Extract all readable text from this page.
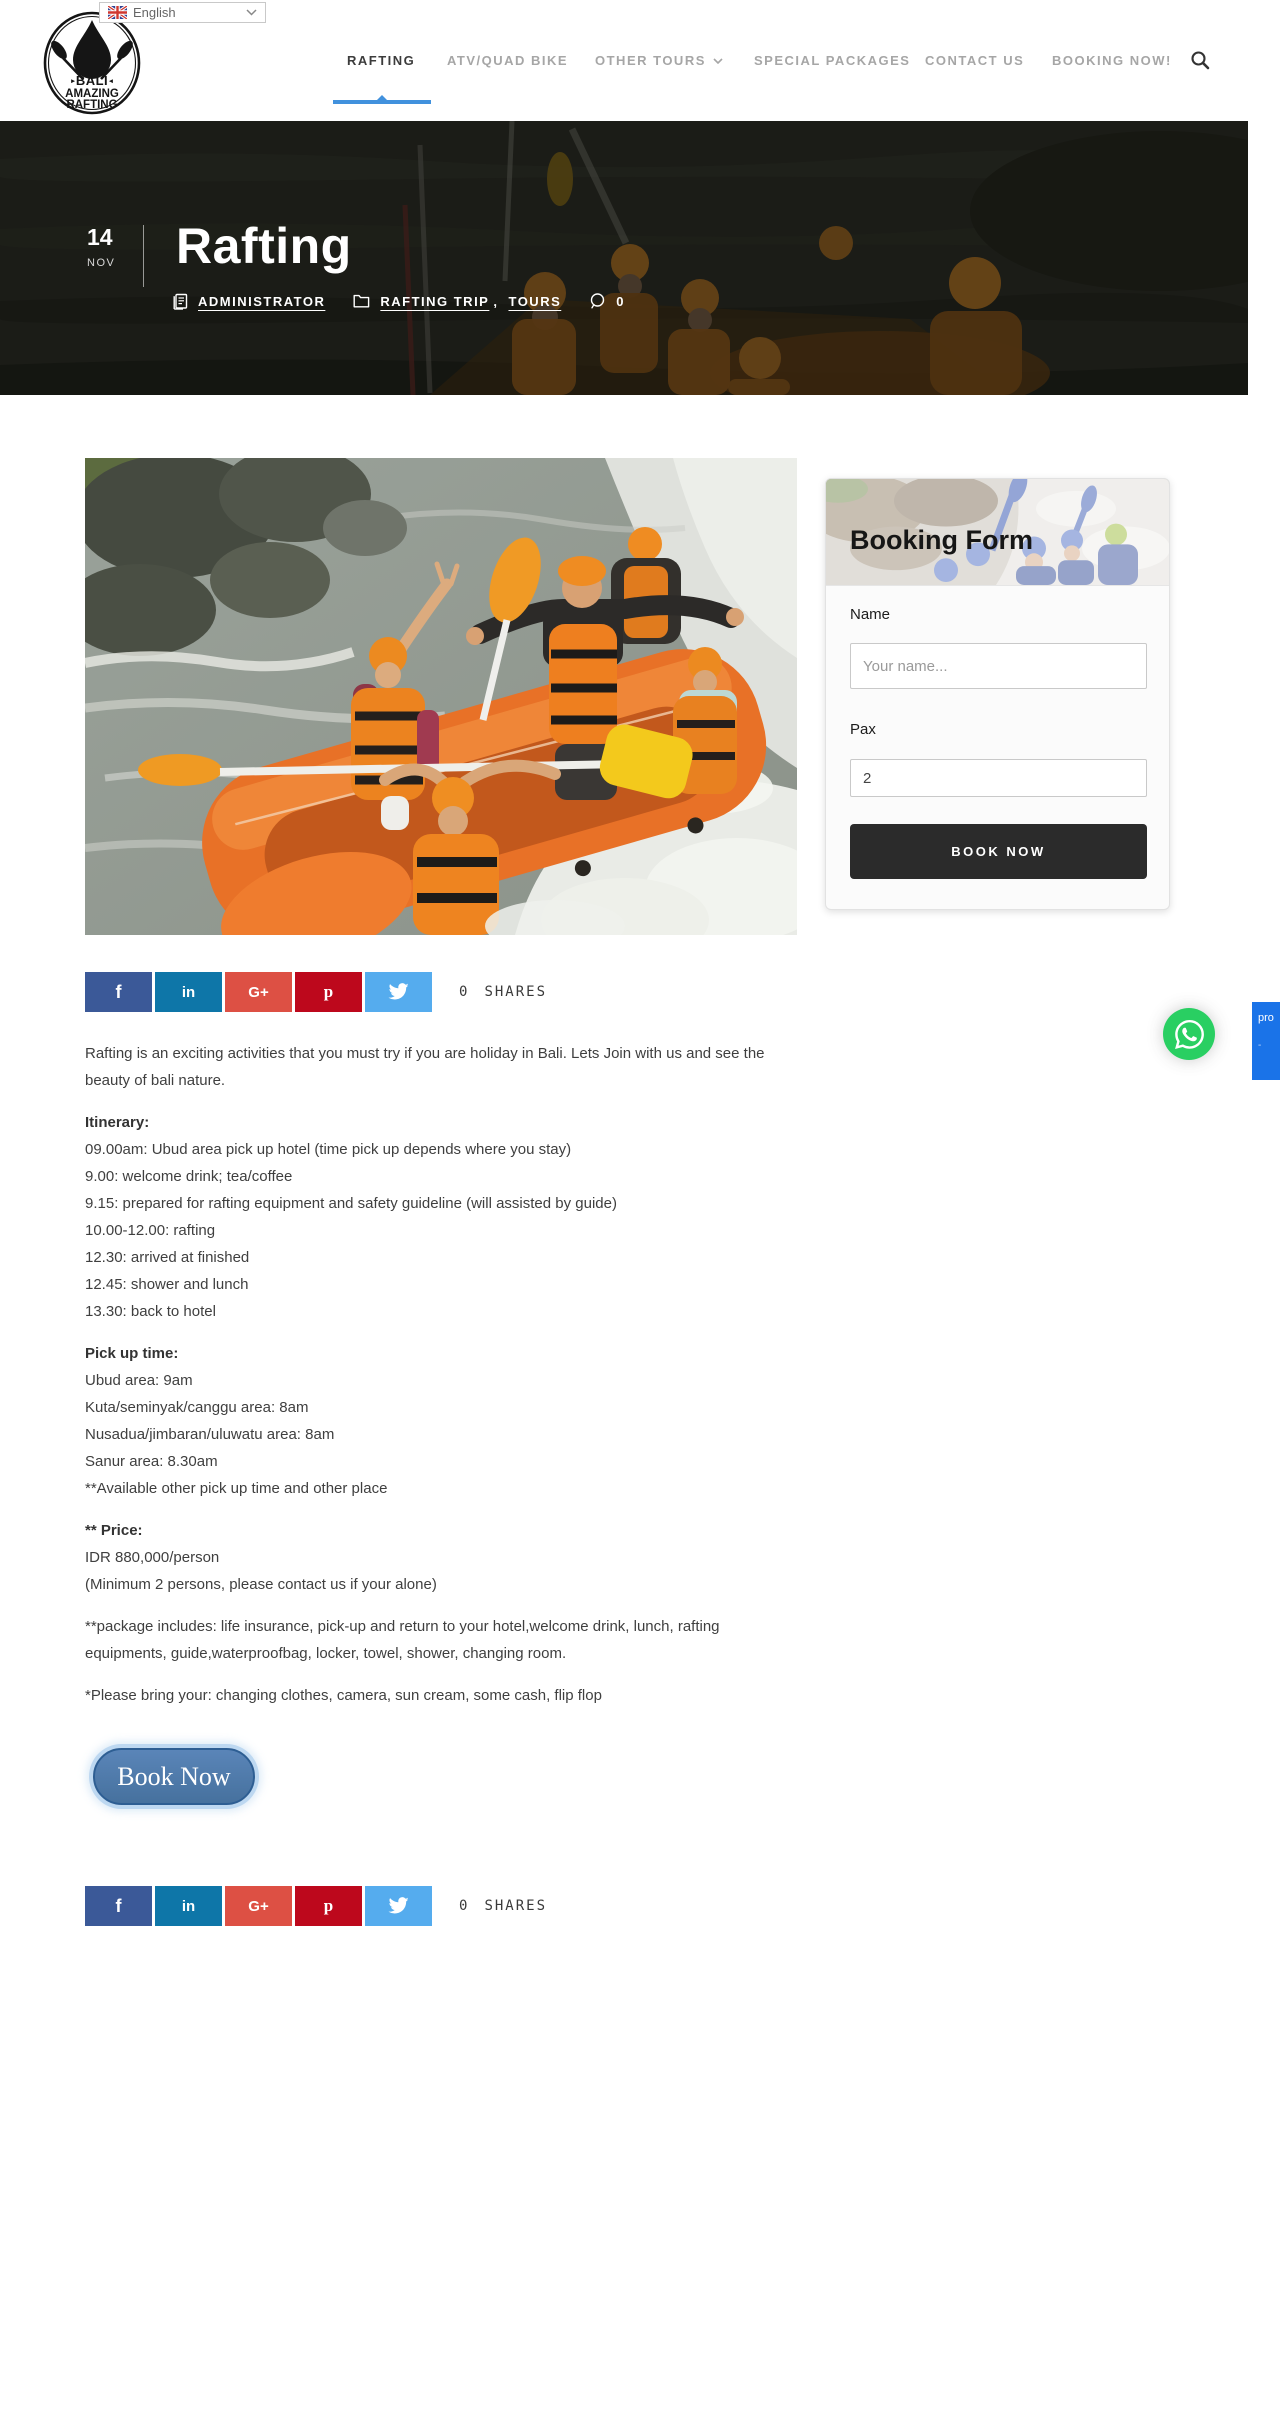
▸ BALI ◂
AMAZING
RAFTING
English
RAFTING ATV/QUAD BIKE OTHER TOURS	SPECIAL PACKAGES CONTACT US BOOKING NOW!
14
NOV Rafting
ADMINISTRATOR	RAFTING TRIP , TOURS	0
f	in	G+	p	0 SHARES
Rafting is an exciting activities that you must try if you are holiday in Bali. Lets Join with us and see the beauty of bali nature.
Itinerary:
09.00am: Ubud area pick up hotel (time pick up depends where you stay)
9.00: welcome drink; tea/coffee
9.15: prepared for rafting equipment and safety guideline (will assisted by guide)
10.00-12.00: rafting
12.30: arrived at finished
12.45: shower and lunch
13.30: back to hotel
Pick up time:
Ubud area: 9am
Kuta/seminyak/canggu area: 8am
Nusadua/jimbaran/uluwatu area: 8am
Sanur area: 8.30am
**Available other pick up time and other place
** Price:
IDR 880,000/person
(Minimum 2 persons, please contact us if your alone)
**package includes: life insurance, pick-up and return to your hotel,welcome drink, lunch, rafting equipments, guide,waterproofbag, locker, towel, shower, changing room.
*Please bring your: changing clothes, camera, sun cream, some cash, flip flop
Book Now
f	in	G+	p	0 SHARES
Booking Form
Name
Your name...
Pax
2
BOOK NOW
pro
-
